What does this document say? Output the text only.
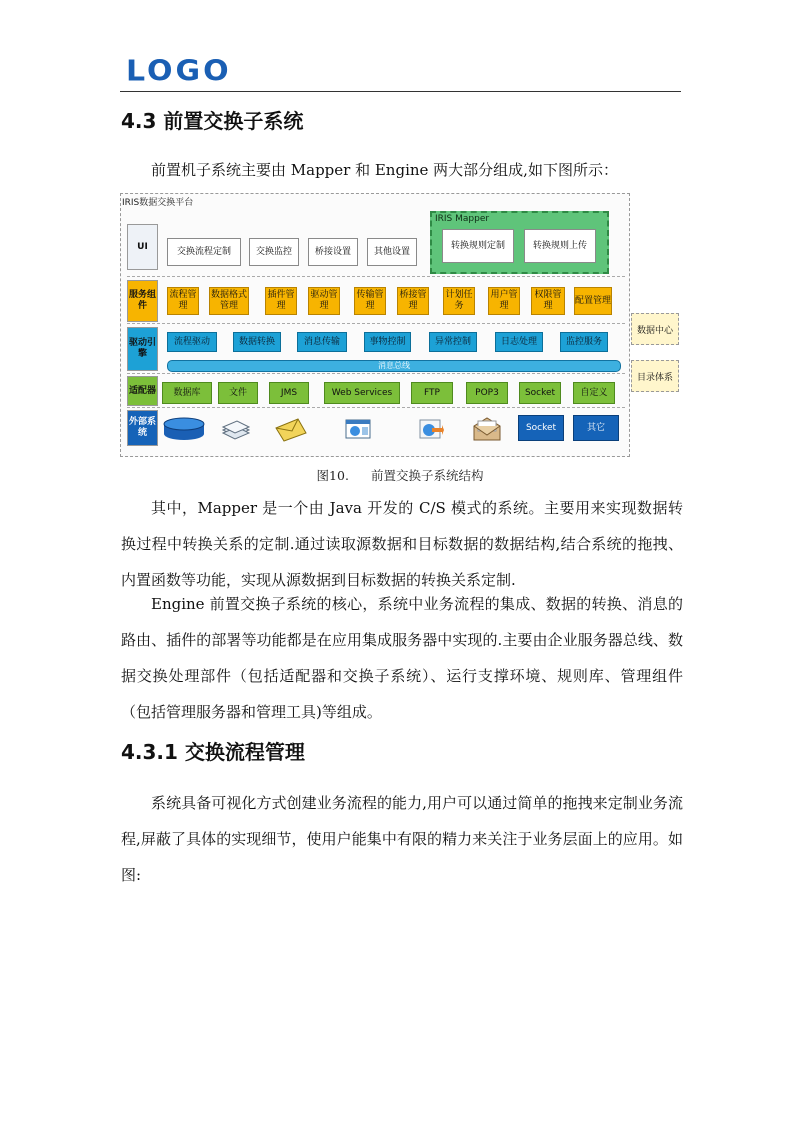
LOGO
4.3 前置交换子系统
前置机子系统主要由 Mapper 和 Engine 两大部分组成,如下图所示：
IRIS数据交换平台
UI
服务组件
驱动引擎
适配器
外部系统
交换流程定制	交换监控	桥接设置	其他设置
IRIS Mapper
转换规则定制	转换规则上传
流程管理
数据格式管理
插件管理
驱动管理
传输管理
桥接管理
计划任务
用户管理
权限管理
配置管理
流程驱动	数据转换	消息传输	事物控制	异常控制	日志处理	监控服务
消息总线
数据库	文件	JMS	Web Services	FTP	POP3	Socket	自定义
Socket	其它
数据中心
目录体系
图10. 前置交换子系统结构
其中，Mapper 是一个由 Java 开发的 C/S 模式的系统。主要用来实现数据转换过程中转换关系的定制.通过读取源数据和目标数据的数据结构,结合系统的拖拽、内置函数等功能，实现从源数据到目标数据的转换关系定制.
Engine 前置交换子系统的核心，系统中业务流程的集成、数据的转换、消息的路由、插件的部署等功能都是在应用集成服务器中实现的.主要由企业服务器总线、数据交换处理部件（包括适配器和交换子系统）、运行支撑环境、规则库、管理组件（包括管理服务器和管理工具)等组成。
4.3.1 交换流程管理
系统具备可视化方式创建业务流程的能力,用户可以通过简单的拖拽来定制业务流程,屏蔽了具体的实现细节，使用户能集中有限的精力来关注于业务层面上的应用。如图:
